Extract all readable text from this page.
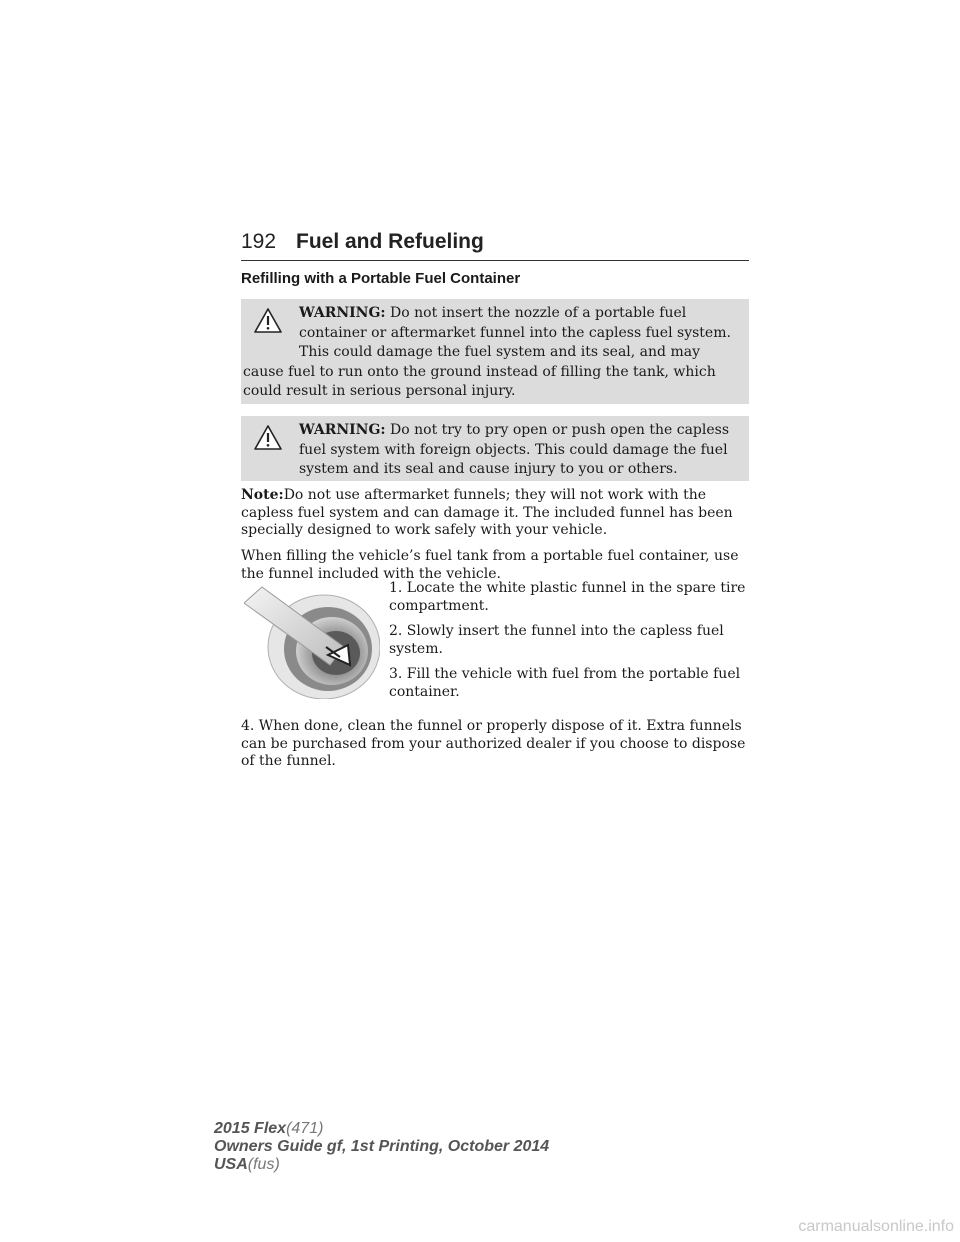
192 Fuel and Refueling
Refilling with a Portable Fuel Container
WARNING: Do not insert the nozzle of a portable fuel container or aftermarket funnel into the capless fuel system. This could damage the fuel system and its seal, and may cause fuel to run onto the ground instead of filling the tank, which could result in serious personal injury.
WARNING: Do not try to pry open or push open the capless fuel system with foreign objects. This could damage the fuel system and its seal and cause injury to you or others.
Note:Do not use aftermarket funnels; they will not work with the capless fuel system and can damage it. The included funnel has been specially designed to work safely with your vehicle.
When filling the vehicle’s fuel tank from a portable fuel container, use the funnel included with the vehicle.
1. Locate the white plastic funnel in the spare tire compartment.
2. Slowly insert the funnel into the capless fuel system.
3. Fill the vehicle with fuel from the portable fuel container.
4. When done, clean the funnel or properly dispose of it. Extra funnels can be purchased from your authorized dealer if you choose to dispose of the funnel.
2015 Flex(471)
Owners Guide gf, 1st Printing, October 2014
USA(fus)
carmanualsonline.info
